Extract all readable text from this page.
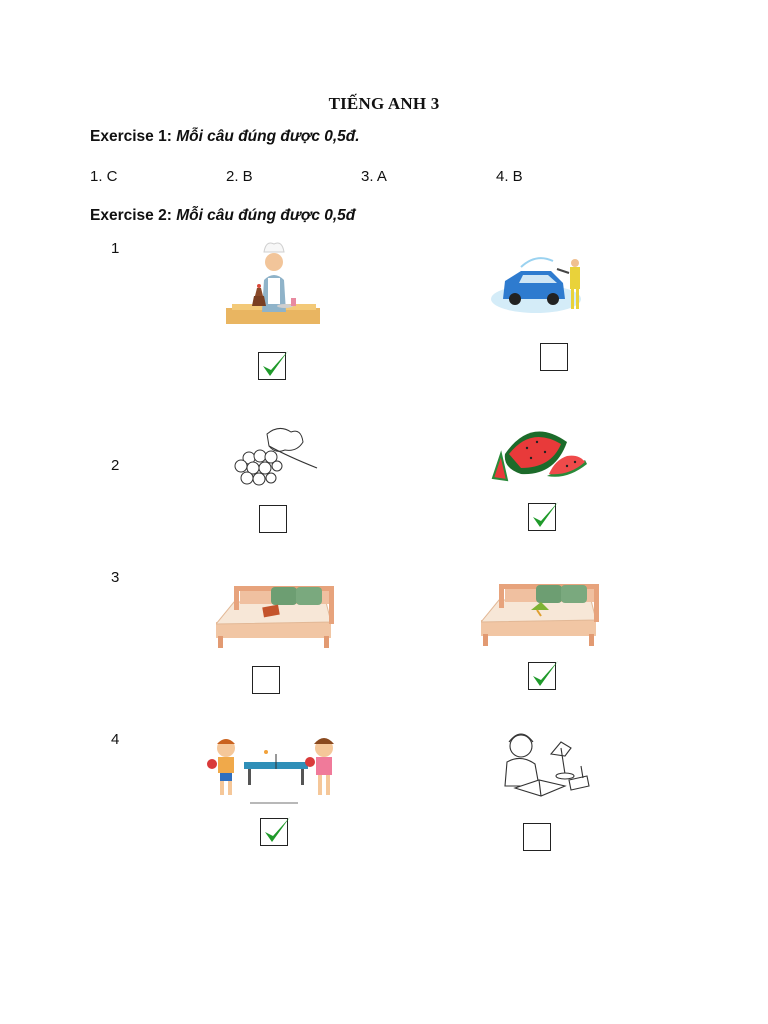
TIẾNG ANH 3
Exercise 1: Mỗi câu đúng được 0,5đ.
1. C	2. B	3. A	4. B
Exercise 2: Mỗi câu đúng được 0,5đ
1
2
3
4
